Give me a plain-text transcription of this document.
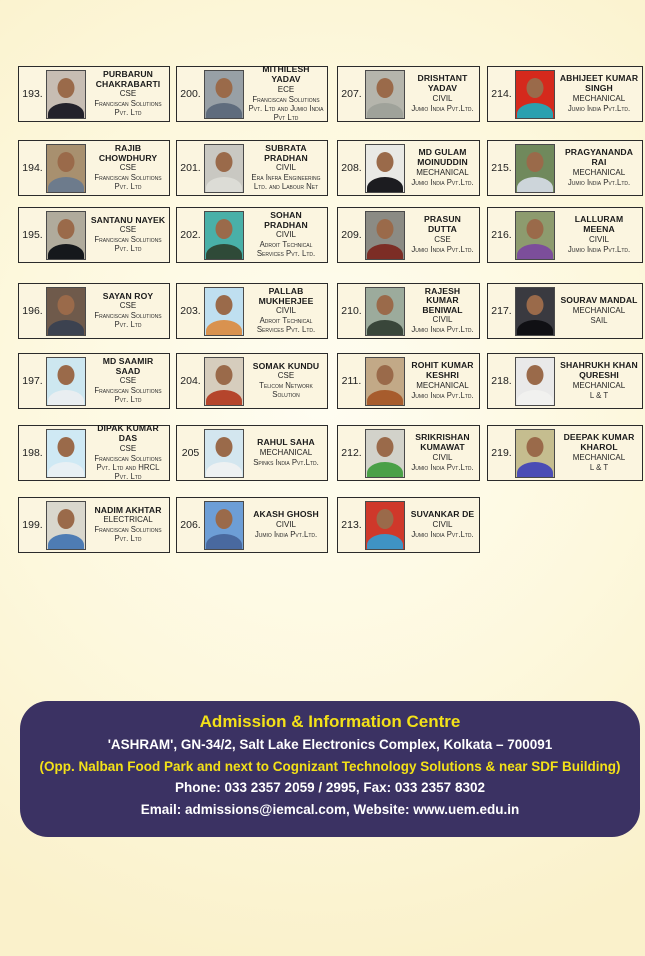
193.
PURBARUN CHAKRABARTI
CSE
Franciscan Solutions Pvt. Ltd
194.
RAJIB CHOWDHURY
CSE
Franciscan Solutions Pvt. Ltd
195.
SANTANU NAYEK
CSE
Franciscan Solutions Pvt. Ltd
196.
SAYAN ROY
CSE
Franciscan Solutions Pvt. Ltd
197.
MD SAAMIR SAAD
CSE
Franciscan Solutions Pvt. Ltd
198.
DIPAK KUMAR DAS
CSE
Franciscan Solutions Pvt. Ltd and HRCL Pvt. Ltd
199.
NADIM AKHTAR
ELECTRICAL
Franciscan Solutions Pvt. Ltd
200.
MITHILESH YADAV
ECE
Franciscan Solutions Pvt. Ltd and Jumio India Pvt Ltd
201.
SUBRATA PRADHAN
CIVIL
Era Infra Engineering Ltd. and Labour Net
202.
SOHAN PRADHAN
CIVIL
Adroit Technical Services Pvt. Ltd.
203.
PALLAB MUKHERJEE
CIVIL
Adroit Technical Services Pvt. Ltd.
204.
SOMAK KUNDU
CSE
Telicom Network Solution
205
RAHUL SAHA
MECHANICAL
Spinks India Pvt.Ltd.
206.
AKASH GHOSH
CIVIL
Jumio India Pvt.Ltd.
207.
DRISHTANT YADAV
CIVIL
Jumio India Pvt.Ltd.
208.
MD GULAM MOINUDDIN
MECHANICAL
Jumio India Pvt.Ltd.
209.
PRASUN DUTTA
CSE
Jumio India Pvt.Ltd.
210.
RAJESH KUMAR BENIWAL
CIVIL
Jumio India Pvt.Ltd.
211.
ROHIT KUMAR KESHRI
MECHANICAL
Jumio India Pvt.Ltd.
212.
SRIKRISHAN KUMAWAT
CIVIL
Jumio India Pvt.Ltd.
213.
SUVANKAR DE
CIVIL
Jumio India Pvt.Ltd.
214.
ABHIJEET KUMAR SINGH
MECHANICAL
Jumio India Pvt.Ltd.
215.
PRAGYANANDA RAI
MECHANICAL
Jumio India Pvt.Ltd.
216.
LALLURAM MEENA
CIVIL
Jumio India Pvt.Ltd.
217.
SOURAV MANDAL
MECHANICAL
SAIL
218.
SHAHRUKH KHAN QURESHI
MECHANICAL
L & T
219.
DEEPAK KUMAR KHAROL
MECHANICAL
L & T
Admission & Information Centre
'ASHRAM', GN-34/2, Salt Lake Electronics Complex, Kolkata – 700091
(Opp. Nalban Food Park and next to Cognizant Technology Solutions & near SDF Building)
Phone: 033 2357 2059 / 2995, Fax: 033 2357 8302
Email: admissions@iemcal.com, Website: www.uem.edu.in
